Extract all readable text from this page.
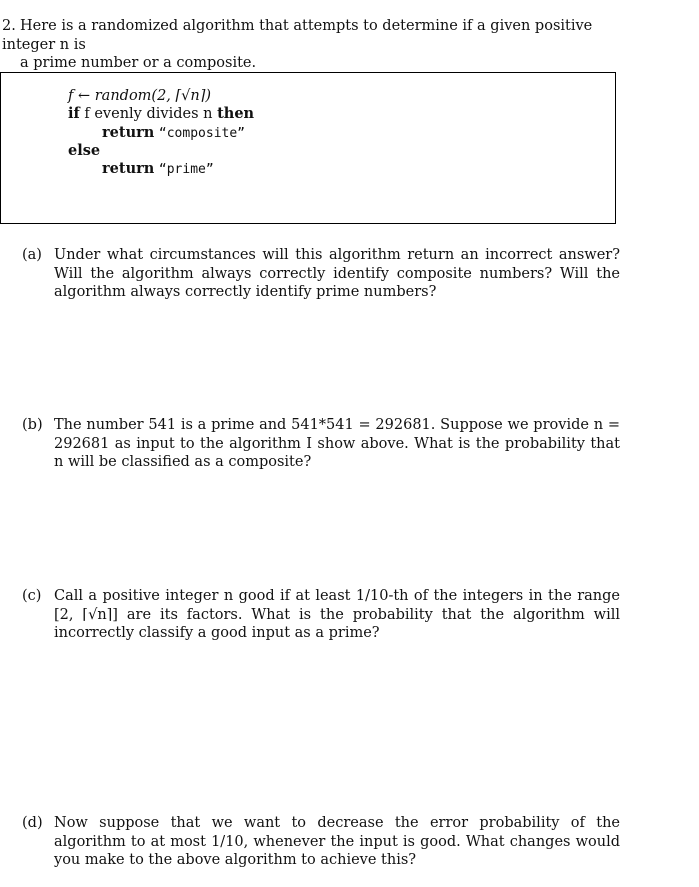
2. Here is a randomized algorithm that attempts to determine if a given positive integer n is
a prime number or a composite.
f ← random(2, ⌈√n⌉)
if f evenly divides n then
return “composite”
else
return “prime”
(a) Under what circumstances will this algorithm return an incorrect answer? Will the algorithm always correctly identify composite numbers? Will the algorithm always correctly identify prime numbers?
(b) The number 541 is a prime and 541*541 = 292681. Suppose we provide n = 292681 as input to the algorithm I show above. What is the probability that n will be classified as a composite?
(c) Call a positive integer n good if at least 1/10-th of the integers in the range [2, ⌈√n⌉] are its factors. What is the probability that the algorithm will incorrectly classify a good input as a prime?
(d) Now suppose that we want to decrease the error probability of the algorithm to at most 1/10, whenever the input is good. What changes would you make to the above algorithm to achieve this?
